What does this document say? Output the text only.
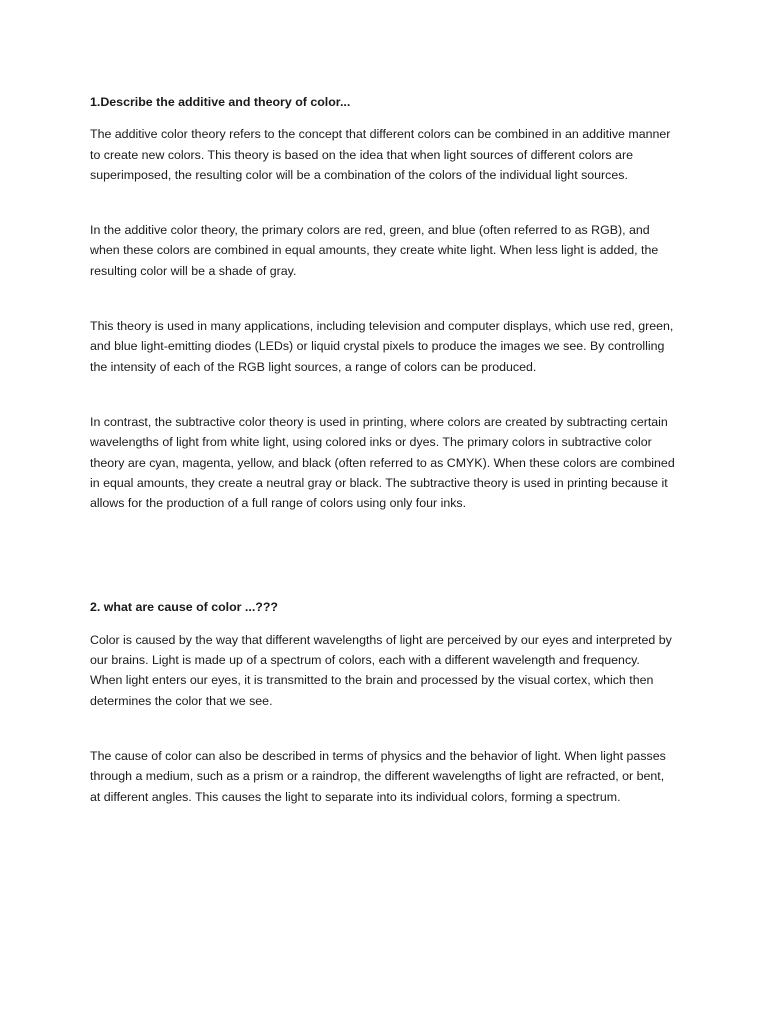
1.Describe the additive and theory of color...
The additive color theory refers to the concept that different colors can be combined in an additive manner to create new colors. This theory is based on the idea that when light sources of different colors are superimposed, the resulting color will be a combination of the colors of the individual light sources.
In the additive color theory, the primary colors are red, green, and blue (often referred to as RGB), and when these colors are combined in equal amounts, they create white light. When less light is added, the resulting color will be a shade of gray.
This theory is used in many applications, including television and computer displays, which use red, green, and blue light-emitting diodes (LEDs) or liquid crystal pixels to produce the images we see. By controlling the intensity of each of the RGB light sources, a range of colors can be produced.
In contrast, the subtractive color theory is used in printing, where colors are created by subtracting certain wavelengths of light from white light, using colored inks or dyes. The primary colors in subtractive color theory are cyan, magenta, yellow, and black (often referred to as CMYK). When these colors are combined in equal amounts, they create a neutral gray or black. The subtractive theory is used in printing because it allows for the production of a full range of colors using only four inks.
2. what are cause of color ...???
Color is caused by the way that different wavelengths of light are perceived by our eyes and interpreted by our brains. Light is made up of a spectrum of colors, each with a different wavelength and frequency. When light enters our eyes, it is transmitted to the brain and processed by the visual cortex, which then determines the color that we see.
The cause of color can also be described in terms of physics and the behavior of light. When light passes through a medium, such as a prism or a raindrop, the different wavelengths of light are refracted, or bent, at different angles. This causes the light to separate into its individual colors, forming a spectrum.
